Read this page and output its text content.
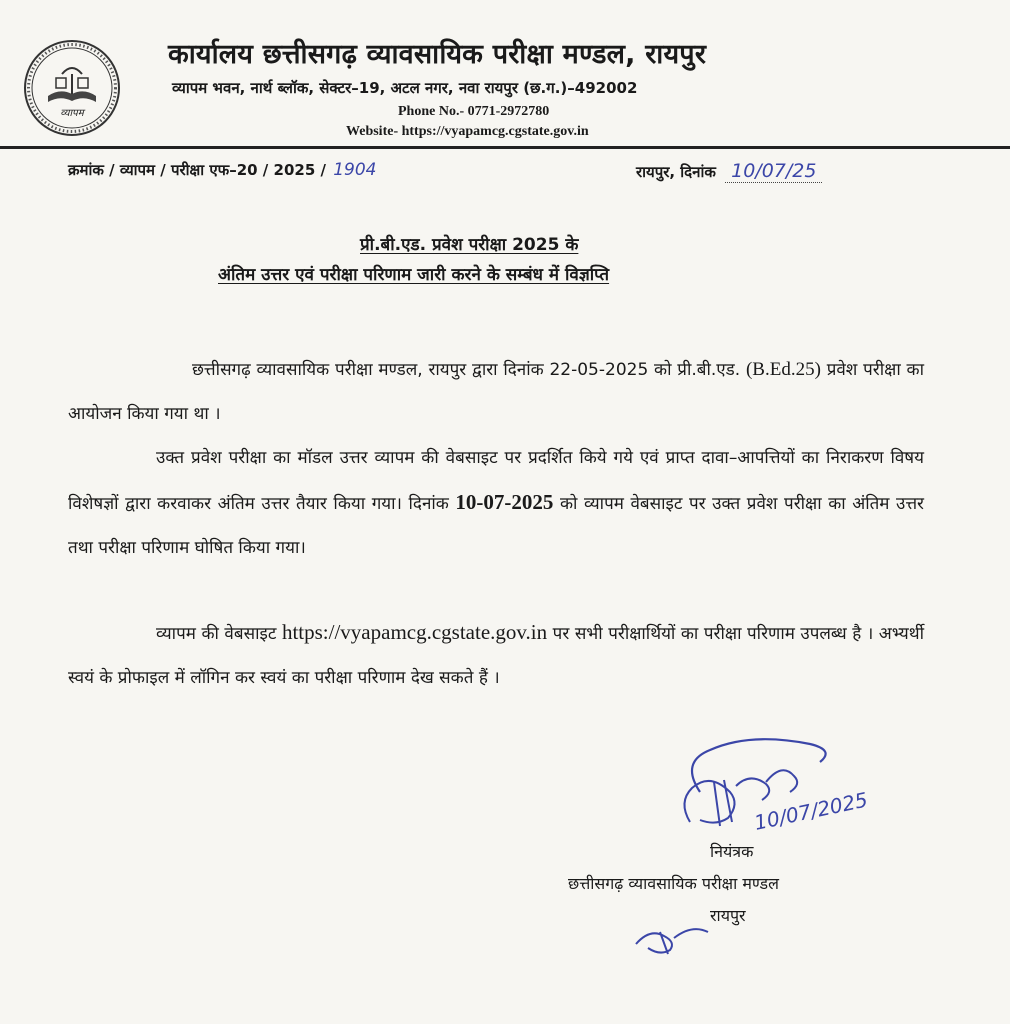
व्यापम
कार्यालय छत्तीसगढ़ व्यावसायिक परीक्षा मण्डल, रायपुर
व्यापम भवन, नार्थ ब्लॉक, सेक्टर–19, अटल नगर, नवा रायपुर (छ.ग.)–492002
Phone No.- 0771-2972780
Website- https://vyapamcg.cgstate.gov.in
क्रमांक / व्यापम / परीक्षा एफ–20 / 2025 / 1904	रायपुर, दिनांक 10/07/25
प्री.बी.एड. प्रवेश परीक्षा 2025 के
अंतिम उत्तर एवं परीक्षा परिणाम जारी करने के सम्बंध में विज्ञप्ति

छत्तीसगढ़ व्यावसायिक परीक्षा मण्डल, रायपुर द्वारा दिनांक 22-05-2025 को प्री.बी.एड. (B.Ed.25) प्रवेश परीक्षा का आयोजन किया गया था ।

उक्त प्रवेश परीक्षा का मॉडल उत्तर व्यापम की वेबसाइट पर प्रदर्शित किये गये एवं प्राप्त दावा–आपत्तियों का निराकरण विषय विशेषज्ञों द्वारा करवाकर अंतिम उत्तर तैयार किया गया। दिनांक 10-07-2025 को व्यापम वेबसाइट पर उक्त प्रवेश परीक्षा का अंतिम उत्तर तथा परीक्षा परिणाम घोषित किया गया।

व्यापम की वेबसाइट https://vyapamcg.cgstate.gov.in पर सभी परीक्षार्थियों का परीक्षा परिणाम उपलब्ध है । अभ्यर्थी स्वयं के प्रोफाइल में लॉगिन कर स्वयं का परीक्षा परिणाम देख सकते हैं ।

10/07/2025
नियंत्रक
छत्तीसगढ़ व्यावसायिक परीक्षा मण्डल
रायपुर
